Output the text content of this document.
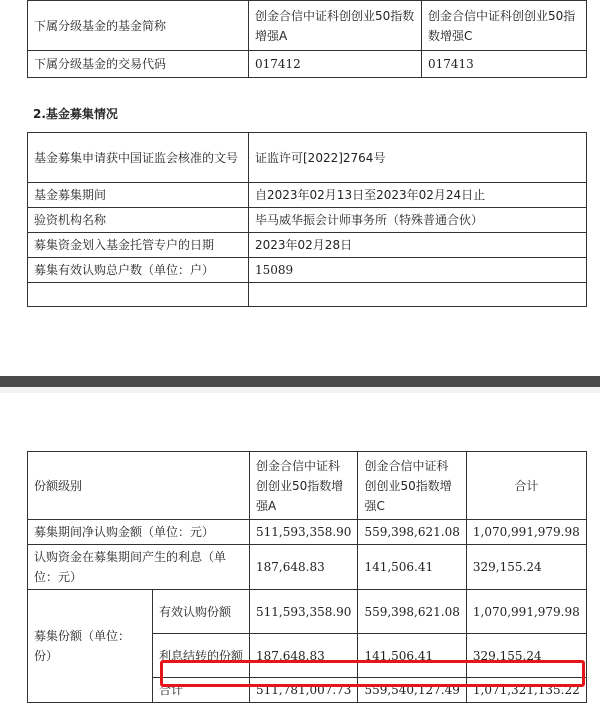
下属分级基金的基金简称	创金合信中证科创创业50指数增强A	创金合信中证科创创业50指数增强C
下属分级基金的交易代码	017412	017413
2.基金募集情况
基金募集申请获中国证监会核准的文号	证监许可[2022]2764号
基金募集期间	自2023年02月13日至2023年02月24日止
验资机构名称	毕马威华振会计师事务所（特殊普通合伙）
募集资金划入基金托管专户的日期	2023年02月28日
募集有效认购总户数（单位：户）	15089

份额级别		创金合信中证科创创业50指数增强A	创金合信中证科创创业50指数增强C	合计
募集期间净认购金额（单位：元）		511,593,358.90	559,398,621.08	1,070,991,979.98
认购资金在募集期间产生的利息（单位：元）		187,648.83	141,506.41	329,155.24
募集份额（单位：份）	有效认购份额	511,593,358.90	559,398,621.08	1,070,991,979.98
	利息结转的份额	187,648.83	141,506.41	329,155.24
	合计	511,781,007.73	559,540,127.49	1,071,321,135.22
